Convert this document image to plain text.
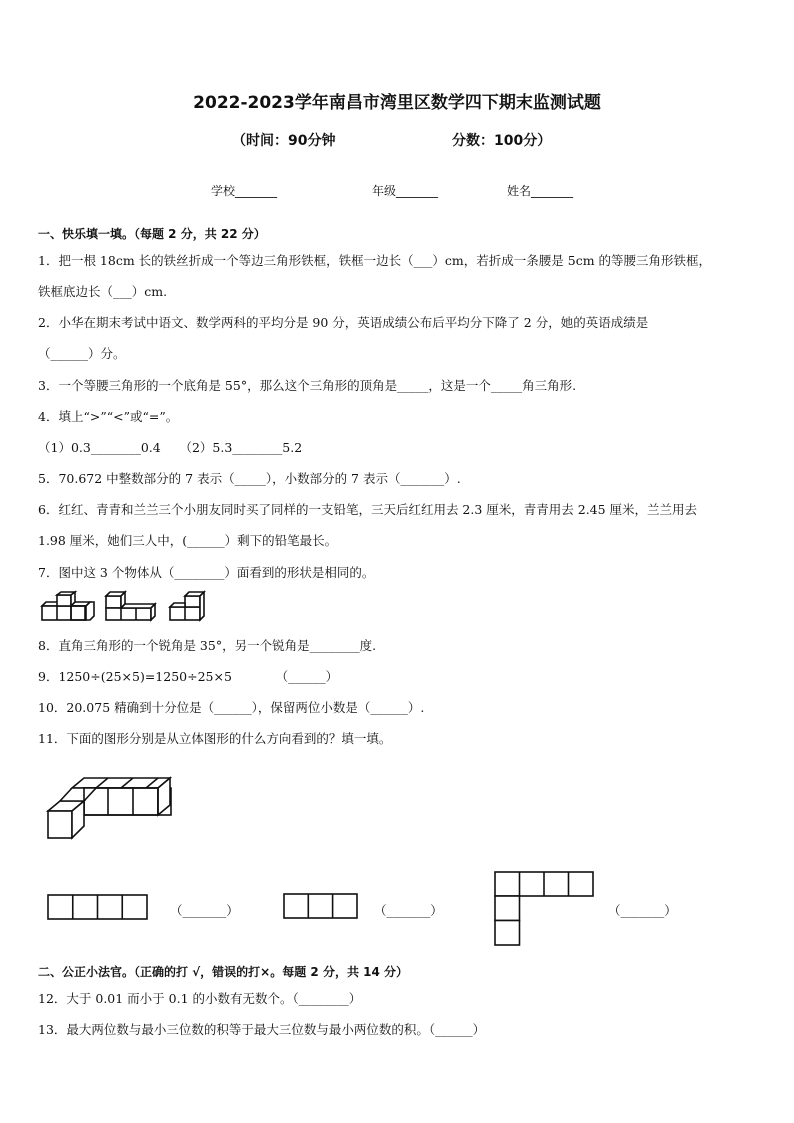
2022-2023学年南昌市湾里区数学四下期末监测试题
（时间：90分钟	分数：100分）
学校_______	年级_______	姓名_______
一、快乐填一填。（每题 2 分，共 22 分）
1．把一根 18cm 长的铁丝折成一个等边三角形铁框，铁框一边长（___）cm，若折成一条腰是 5cm 的等腰三角形铁框，
铁框底边长（___）cm.
2．小华在期末考试中语文、数学两科的平均分是 90 分，英语成绩公布后平均分下降了 2 分，她的英语成绩是
（______）分。
3．一个等腰三角形的一个底角是 55°，那么这个三角形的顶角是_____，这是一个_____角三角形.
4．填上“>”“<”或“=”。
（1）0.3________0.4　　（2）5.3________5.2
5．70.672 中整数部分的 7 表示（_____），小数部分的 7 表示（_______）.
6．红红、青青和兰兰三个小朋友同时买了同样的一支铅笔，三天后红红用去 2.3 厘米，青青用去 2.45 厘米，兰兰用去
1.98 厘米，她们三人中，(______）剩下的铅笔最长。
7．图中这 3 个物体从（________）面看到的形状是相同的。
8．直角三角形的一个锐角是 35°，另一个锐角是________度.
9．1250÷(25×5)=1250÷25×5　　　　（______）
10．20.075 精确到十分位是（______），保留两位小数是（______）.
11．下面的图形分别是从立体图形的什么方向看到的？填一填。
（_______）	（_______）	（_______）
二、公正小法官。（正确的打 √，错误的打×。每题 2 分，共 14 分）
12．大于 0.01 而小于 0.1 的小数有无数个。（________）
13．最大两位数与最小三位数的积等于最大三位数与最小两位数的积。（______）
